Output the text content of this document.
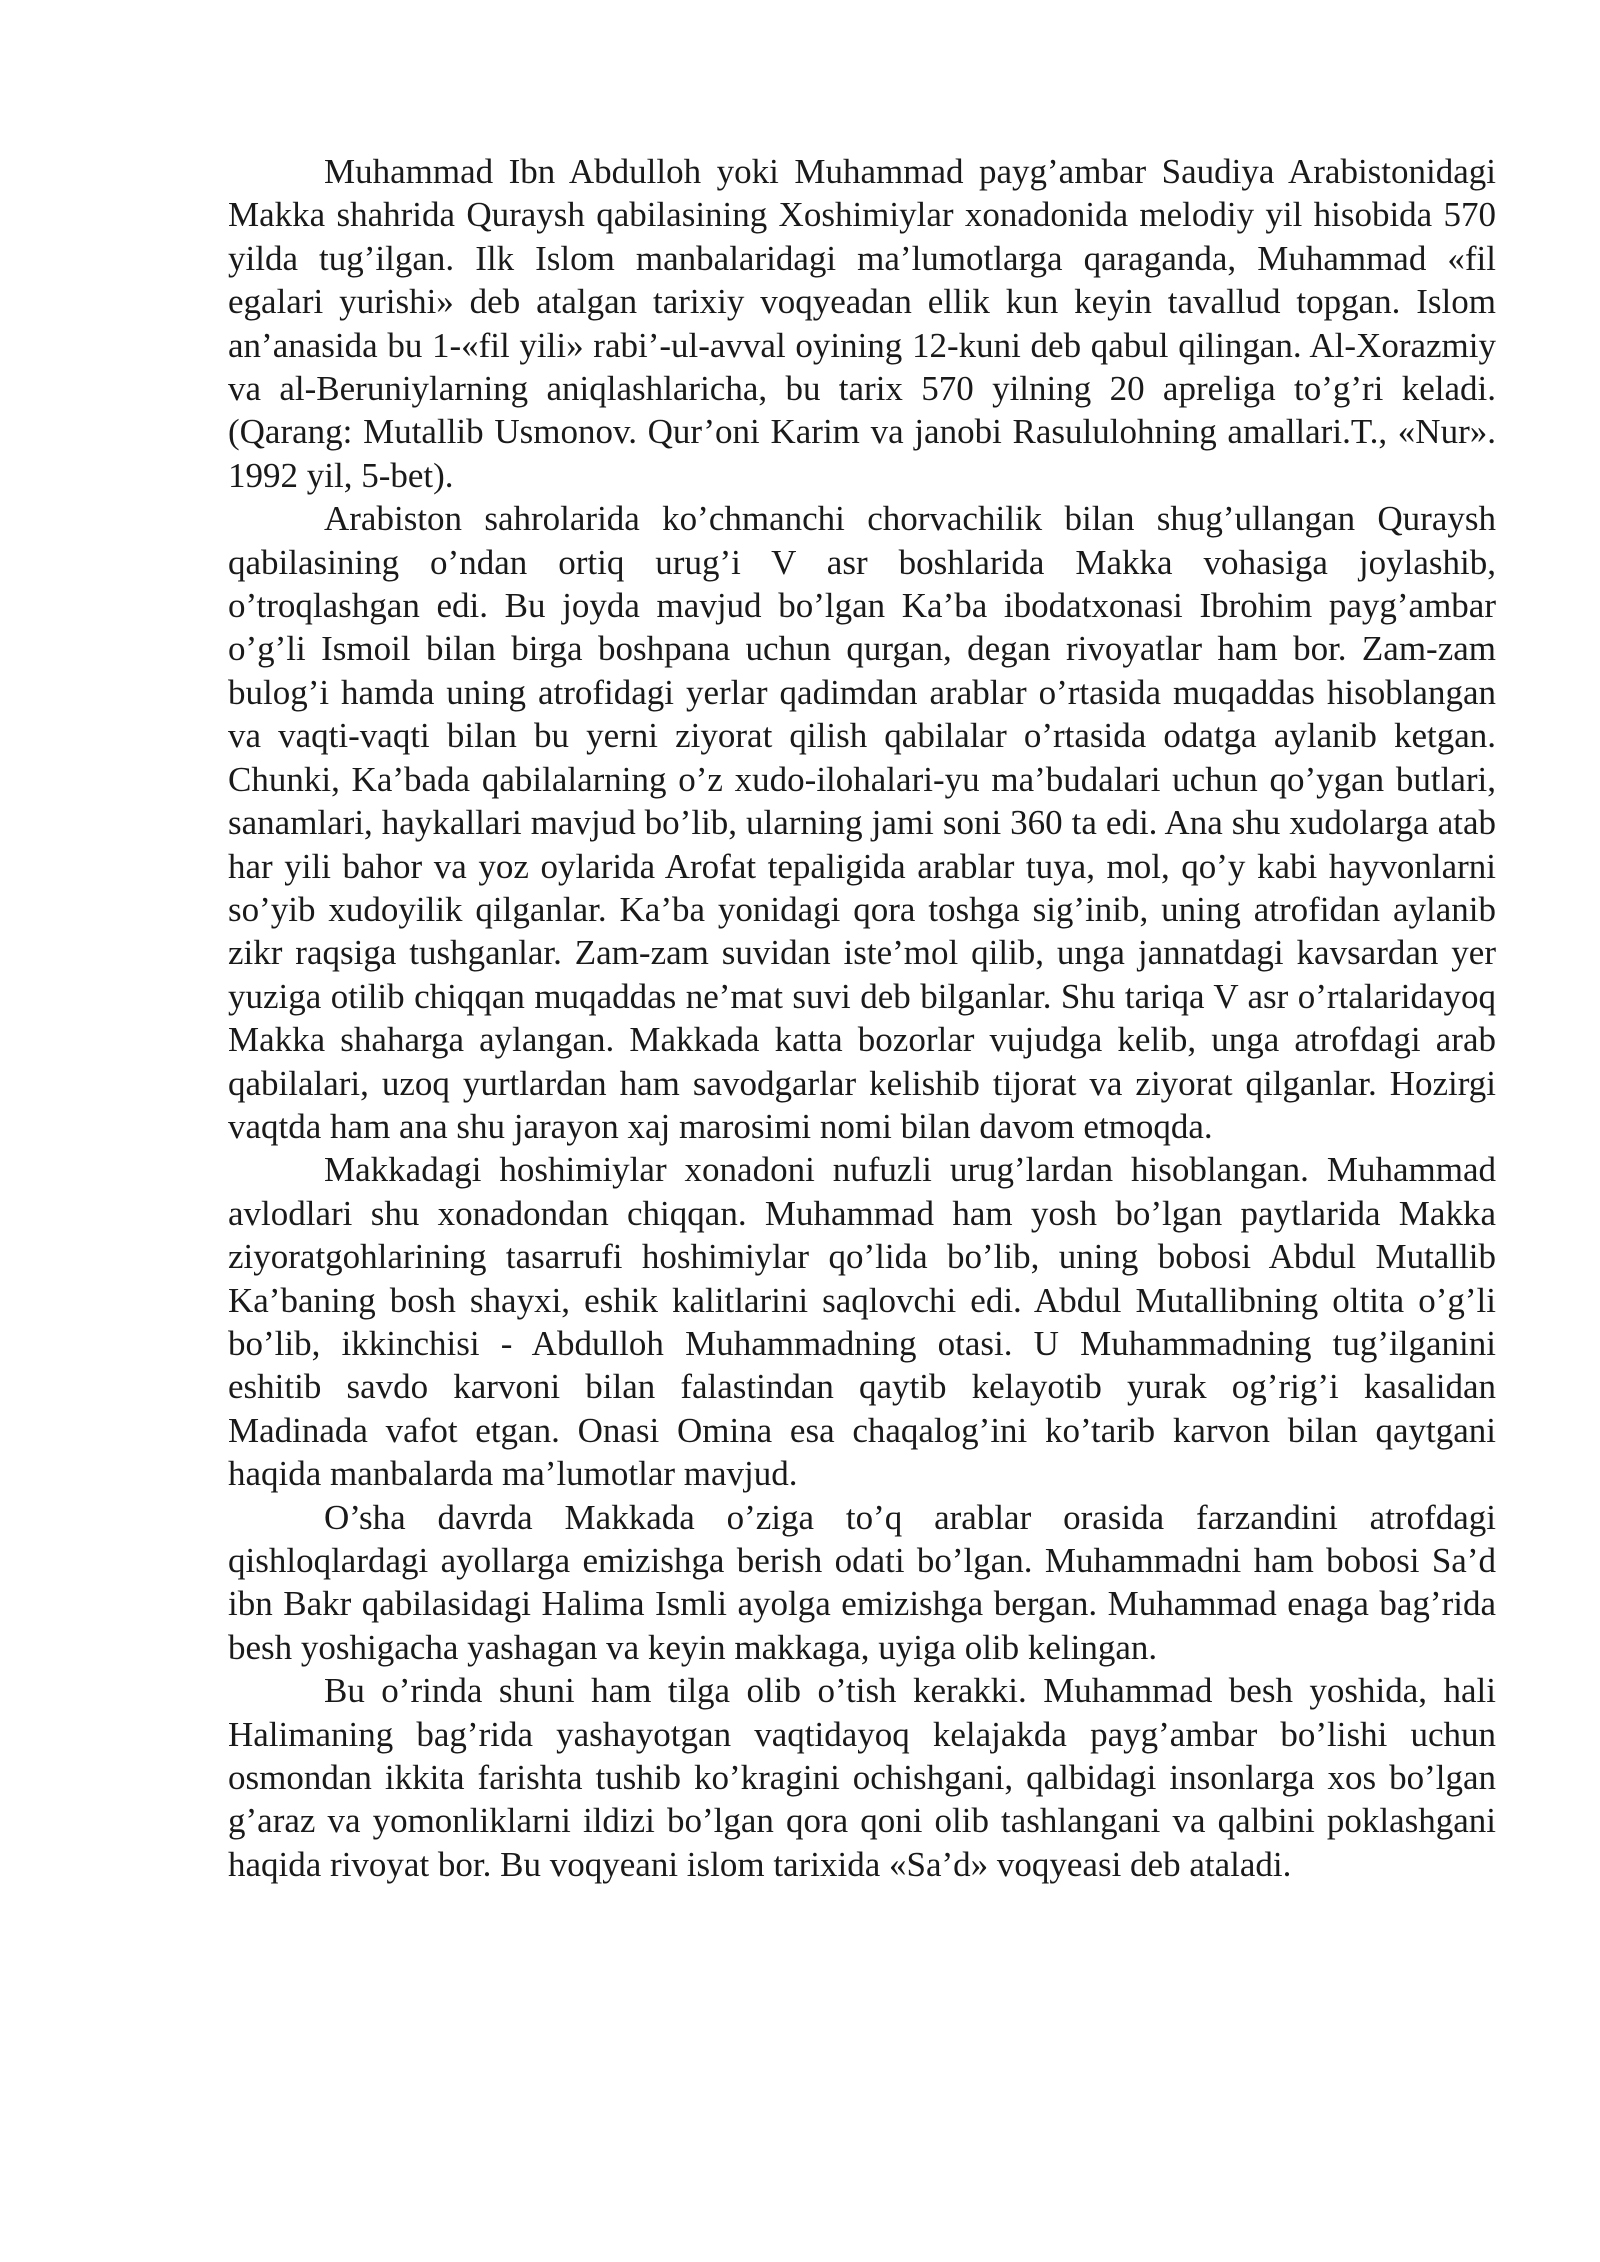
Muhammad Ibn Abdulloh yoki Muhammad payg’ambar Saudiya Arabistonidagi Makka shahrida Quraysh qabilasining Xoshimiylar xonadonida melodiy yil hisobida 570 yilda tug’ilgan. Ilk Islom manbalaridagi ma’lumotlarga qaraganda, Muhammad «fil egalari yurishi» deb atalgan tarixiy voqyeadan ellik kun keyin tavallud topgan. Islom an’anasida bu 1-«fil yili» rabi’-ul-avval oyining 12-kuni deb qabul qilingan. Al-Xorazmiy va al-Beruniylarning aniqlashlaricha, bu tarix 570 yilning 20 apreliga to’g’ri keladi.(Qarang: Mutallib Usmonov. Qur’oni Karim va janobi Rasululohning amallari.T., «Nur». 1992 yil, 5-bet).

Arabiston sahrolarida ko’chmanchi chorvachilik bilan shug’ullangan Quraysh qabilasining o’ndan ortiq urug’i V asr boshlarida Makka vohasiga joylashib, o’troqlashgan edi. Bu joyda mavjud bo’lgan Ka’ba ibodatxonasi Ibrohim payg’ambar o’g’li Ismoil bilan birga boshpana uchun qurgan, degan rivoyatlar ham bor. Zam-zam bulog’i hamda uning atrofidagi yerlar qadimdan arablar o’rtasida muqaddas hisoblangan va vaqti-vaqti bilan bu yerni ziyorat qilish qabilalar o’rtasida odatga aylanib ketgan. Chunki, Ka’bada qabilalarning o’z xudo-ilohalari-yu ma’budalari uchun qo’ygan butlari, sanamlari, haykallari mavjud bo’lib, ularning jami soni 360 ta edi. Ana shu xudolarga atab har yili bahor va yoz oylarida Arofat tepaligida arablar tuya, mol, qo’y kabi hayvonlarni so’yib xudoyilik qilganlar. Ka’ba yonidagi qora toshga sig’inib, uning atrofidan aylanib zikr raqsiga tushganlar. Zam-zam suvidan iste’mol qilib, unga jannatdagi kavsardan yer yuziga otilib chiqqan muqaddas ne’mat suvi deb bilganlar. Shu tariqa V asr o’rtalaridayoq Makka shaharga aylangan. Makkada katta bozorlar vujudga kelib, unga atrofdagi arab qabilalari, uzoq yurtlardan ham savodgarlar kelishib tijorat va ziyorat qilganlar. Hozirgi vaqtda ham ana shu jarayon xaj marosimi nomi bilan davom etmoqda.

Makkadagi hoshimiylar xonadoni nufuzli urug’lardan hisoblangan. Muhammad avlodlari shu xonadondan chiqqan. Muhammad ham yosh bo’lgan paytlarida Makka ziyoratgohlarining tasarrufi hoshimiylar qo’lida bo’lib, uning bobosi Abdul Mutallib Ka’baning bosh shayxi, eshik kalitlarini saqlovchi edi. Abdul Mutallibning oltita o’g’li bo’lib, ikkinchisi - Abdulloh Muhammadning otasi. U Muhammadning tug’ilganini eshitib savdo karvoni bilan falastindan qaytib kelayotib yurak og’rig’i kasalidan Madinada vafot etgan. Onasi Omina esa chaqalog’ini ko’tarib karvon bilan qaytgani haqida manbalarda ma’lumotlar mavjud.

O’sha davrda Makkada o’ziga to’q arablar orasida farzandini atrofdagi qishloqlardagi ayollarga emizishga berish odati bo’lgan. Muhammadni ham bobosi Sa’d ibn Bakr qabilasidagi Halima Ismli ayolga emizishga bergan. Muhammad enaga bag’rida besh yoshigacha yashagan va keyin makkaga, uyiga olib kelingan.

Bu o’rinda shuni ham tilga olib o’tish kerakki. Muhammad besh yoshida, hali Halimaning bag’rida yashayotgan vaqtidayoq kelajakda payg’ambar bo’lishi uchun osmondan ikkita farishta tushib ko’kragini ochishgani, qalbidagi insonlarga xos bo’lgan g’araz va yomonliklarni ildizi bo’lgan qora qoni olib tashlangani va qalbini poklashgani haqida rivoyat bor. Bu voqyeani islom tarixida «Sa’d» voqyeasi deb ataladi.
